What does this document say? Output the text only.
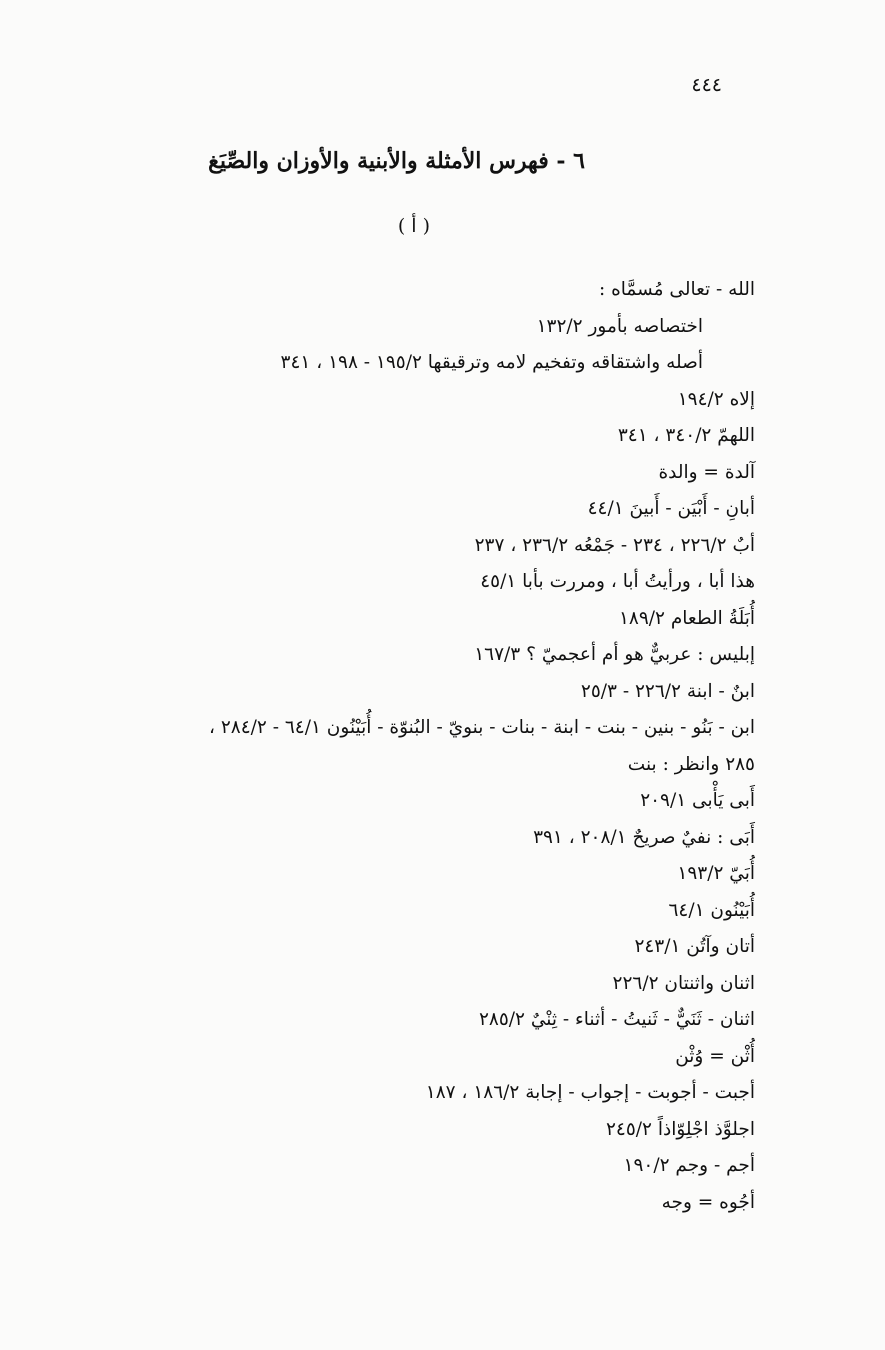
٤٤٤
٦ - فهرس الأمثلة والأبنية والأوزان والصِّيَغ
( أ )
الله - تعالى مُسمَّاه :
اختصاصه بأمور ١٣٢/٢
أصله واشتقاقه وتفخيم لامه وترقيقها ١٩٥/٢ - ١٩٨ ، ٣٤١
إلاه ١٩٤/٢
اللهمّ ٣٤٠/٢ ، ٣٤١
آلدة = والدة
أبانِ - أَبْيَن - أَبينَ ٤٤/١
أبٌ ٢٢٦/٢ ، ٢٣٤ - جَمْعُه ٢٣٦/٢ ، ٢٣٧
هذا أبا ، ورأيتُ أبا ، ومررت بأبا ٤٥/١
أُبَلَةُ الطعام ١٨٩/٢
إبليس : عربيٌّ هو أم أعجميّ ؟ ١٦٧/٣
ابنٌ - ابنة ٢٢٦/٢ - ٢٥/٣
ابن - بَنُو - بنين - بنت - ابنة - بنات - بنويّ - البُنوّة - أُبَيْنُون ٦٤/١ - ٢٨٤/٢ ،
٢٨٥ وانظر : بنت
أَبى يَأْبى ٢٠٩/١
أَبَى : نفيٌ صريحٌ ٢٠٨/١ ، ٣٩١
أُبَيّ ١٩٣/٢
أُبَيْنُون ٦٤/١
أتان وآتُن ٢٤٣/١
اثنان واثنتان ٢٢٦/٢
اثنان - ثَنَيٌّ - ثَنيتُ - أثناء - ثِنْيٌ ٢٨٥/٢
أُثْن = وُثْن
أجبت - أجوبت - إجواب - إجابة ١٨٦/٢ ، ١٨٧
اجلوَّذ اجْلِوّاذاً ٢٤٥/٢
أجم - وجم ١٩٠/٢
أجُوه = وجه
